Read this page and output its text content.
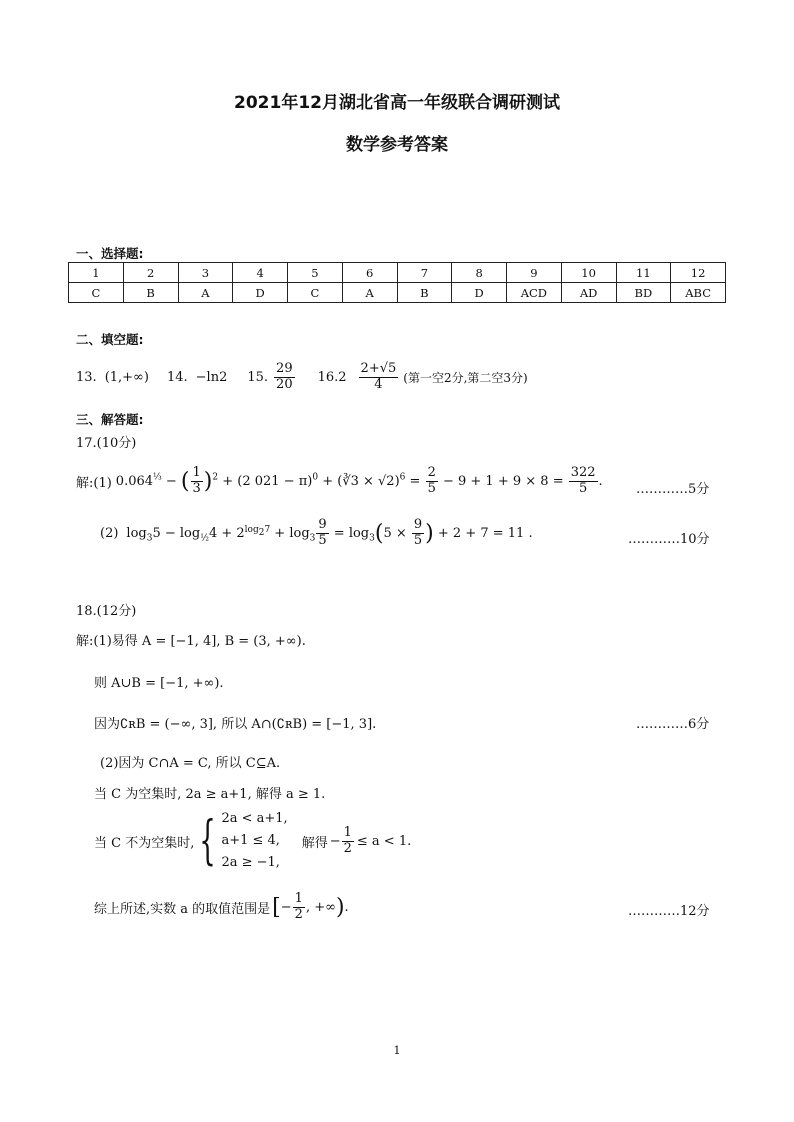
2021年12月湖北省高一年级联合调研测试
数学参考答案
一、选择题:
1	2	3	4	5	6	7	8	9	10	11	12
C	B	A	D	C	A	B	D	ACD	AD	BD	ABC
二、填空题:
13. (1,+∞) 14. −ln2 15. $\frac{29}{20} 16.2 \frac{2+√5}{4}$ (第一空2分,第二空3分)
三、解答题:
17.(10分)
解:(1) $0.064^{\frac{1}{3}}$ − ( $\frac{1}{3} )^2 + (2$ 021 − π)$^0$ + (∛3 × $√2)^6 = \frac{2}{5} - 9 + 1 + 9 \times 8 = \frac{322}{5}$ .
…………5分
(2) $\log_35 - \log_{\frac{1}{2}}4 + 2^{log_27} + \log_3 \frac{9}{5} = \log_3(5 \times \frac{9}{5}$ ) + 2 + 7 = 11 .	…………10分
18.(12分)
解:(1)易得 A = [−1, 4], B = (3, +∞).
则 A∪B = [−1, +∞).
因为∁ʀB = (−∞, 3], 所以 A∩(∁ʀB) = [−1, 3].	…………6分
(2)因为 C∩A = C, 所以 C⊆A.
当 C 为空集时, 2a ≥ a+1, 解得 a ≥ 1.
当 C 不为空集时, { 2a < a+1,
a+1 ≤ 4,
2a ≥ −1,
解得 − $\frac{1}{2} \le a < 1$.
综上所述,实数 a 的取值范围是 [− $\frac{1}{2}$ , +∞).	…………12分
1
